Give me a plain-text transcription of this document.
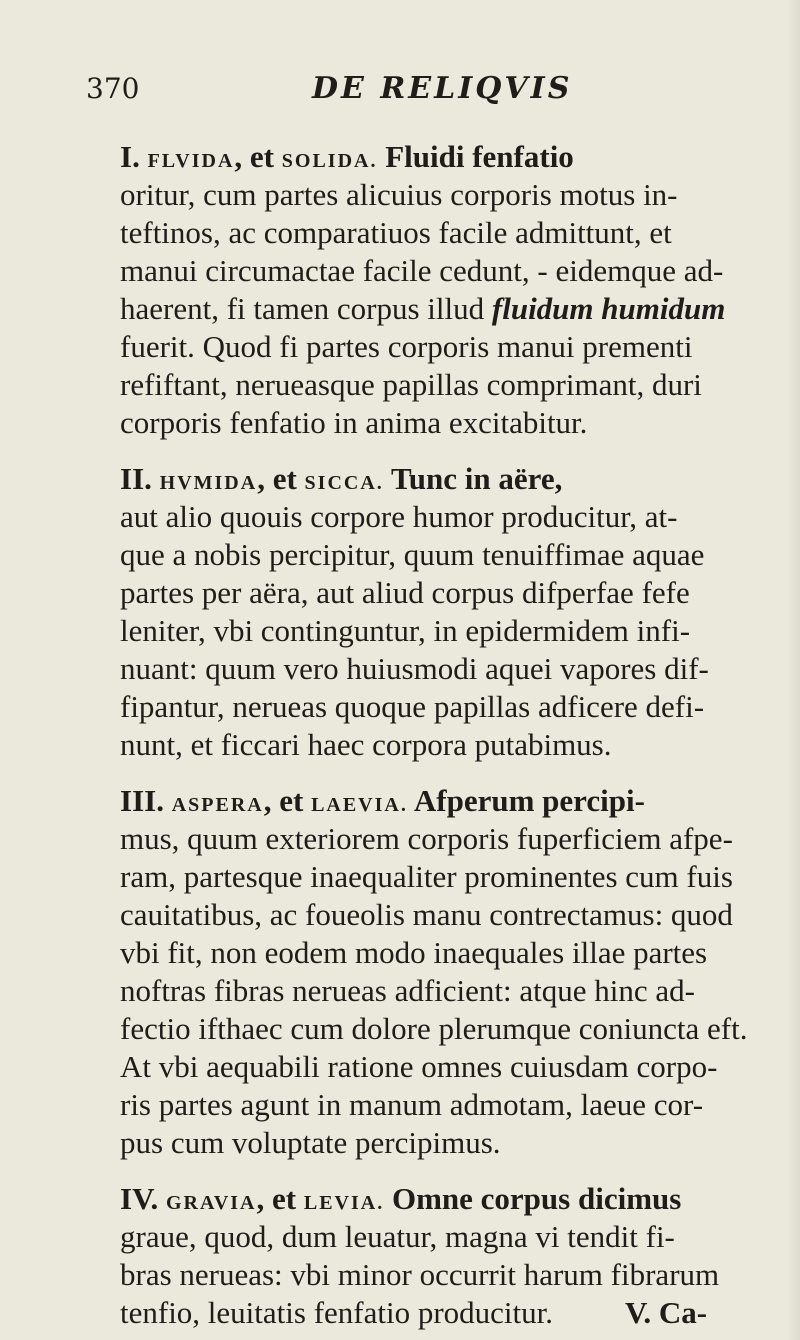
370	DE RELIQVIS
I. FLVIDA, et SOLIDA. Fluidi fenfatio
oritur, cum partes alicuius corporis motus in-
teftinos, ac comparatiuos facile admittunt, et
manui circumactae facile cedunt, - eidemque ad-
haerent, fi tamen corpus illud fluidum humidum
fuerit. Quod fi partes corporis manui prementi
refiftant, nerueasque papillas comprimant, duri
corporis fenfatio in anima excitabitur.
II. HVMIDA, et SICCA. Tunc in aëre,
aut alio quouis corpore humor producitur, at-
que a nobis percipitur, quum tenuiffimae aquae
partes per aëra, aut aliud corpus difperfae fefe
leniter, vbi continguntur, in epidermidem infi-
nuant: quum vero huiusmodi aquei vapores dif-
fipantur, nerueas quoque papillas adficere defi-
nunt, et ficcari haec corpora putabimus.
III. ASPERA, et LAEVIA. Afperum percipi-
mus, quum exteriorem corporis fuperficiem afpe-
ram, partesque inaequaliter prominentes cum fuis
cauitatibus, ac foueolis manu contrectamus: quod
vbi fit, non eodem modo inaequales illae partes
noftras fibras nerueas adficient: atque hinc ad-
fectio ifthaec cum dolore plerumque coniuncta eft.
At vbi aequabili ratione omnes cuiusdam corpo-
ris partes agunt in manum admotam, laeue cor-
pus cum voluptate percipimus.
IV. GRAVIA, et LEVIA. Omne corpus dicimus
graue, quod, dum leuatur, magna vi tendit fi-
bras nerueas: vbi minor occurrit harum fibrarum
tenfio, leuitatis fenfatio producitur. V. Ca-
